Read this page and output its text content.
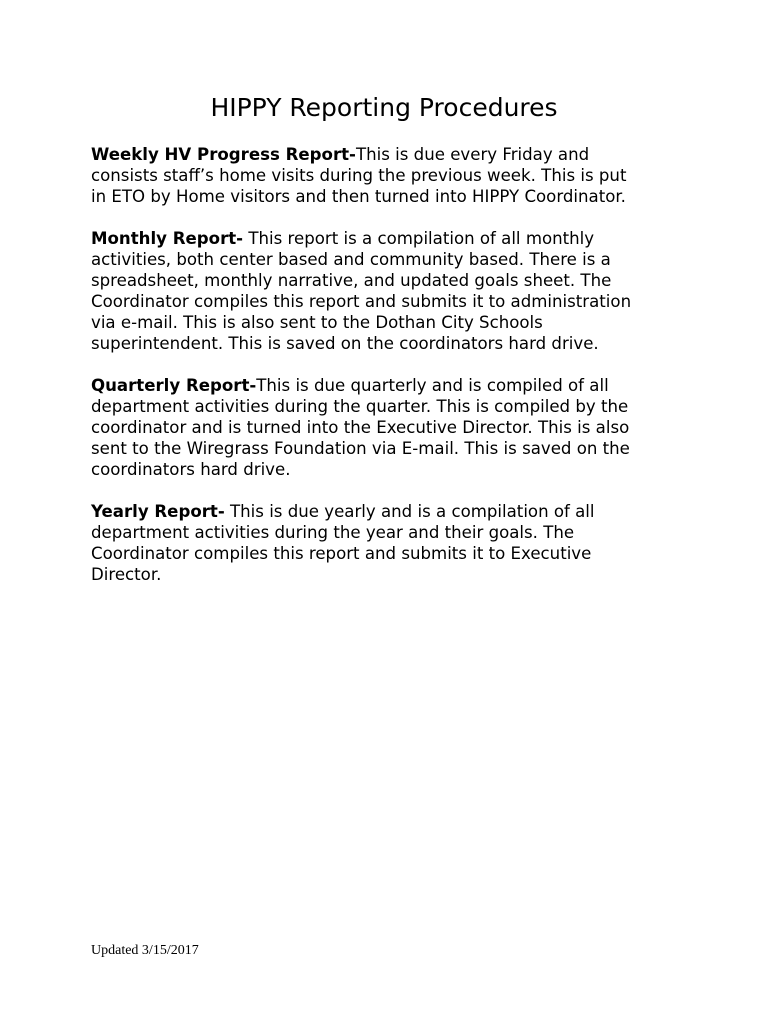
HIPPY Reporting Procedures
Weekly HV Progress Report-This is due every Friday and
consists staff’s home visits during the previous week. This is put
in ETO by Home visitors and then turned into HIPPY Coordinator.
Monthly Report- This report is a compilation of all monthly
activities, both center based and community based. There is a
spreadsheet, monthly narrative, and updated goals sheet. The
Coordinator compiles this report and submits it to administration
via e-mail. This is also sent to the Dothan City Schools
superintendent. This is saved on the coordinators hard drive.
Quarterly Report-This is due quarterly and is compiled of all
department activities during the quarter. This is compiled by the
coordinator and is turned into the Executive Director. This is also
sent to the Wiregrass Foundation via E-mail. This is saved on the
coordinators hard drive.
Yearly Report- This is due yearly and is a compilation of all
department activities during the year and their goals. The
Coordinator compiles this report and submits it to Executive
Director.

Updated 3/15/2017
